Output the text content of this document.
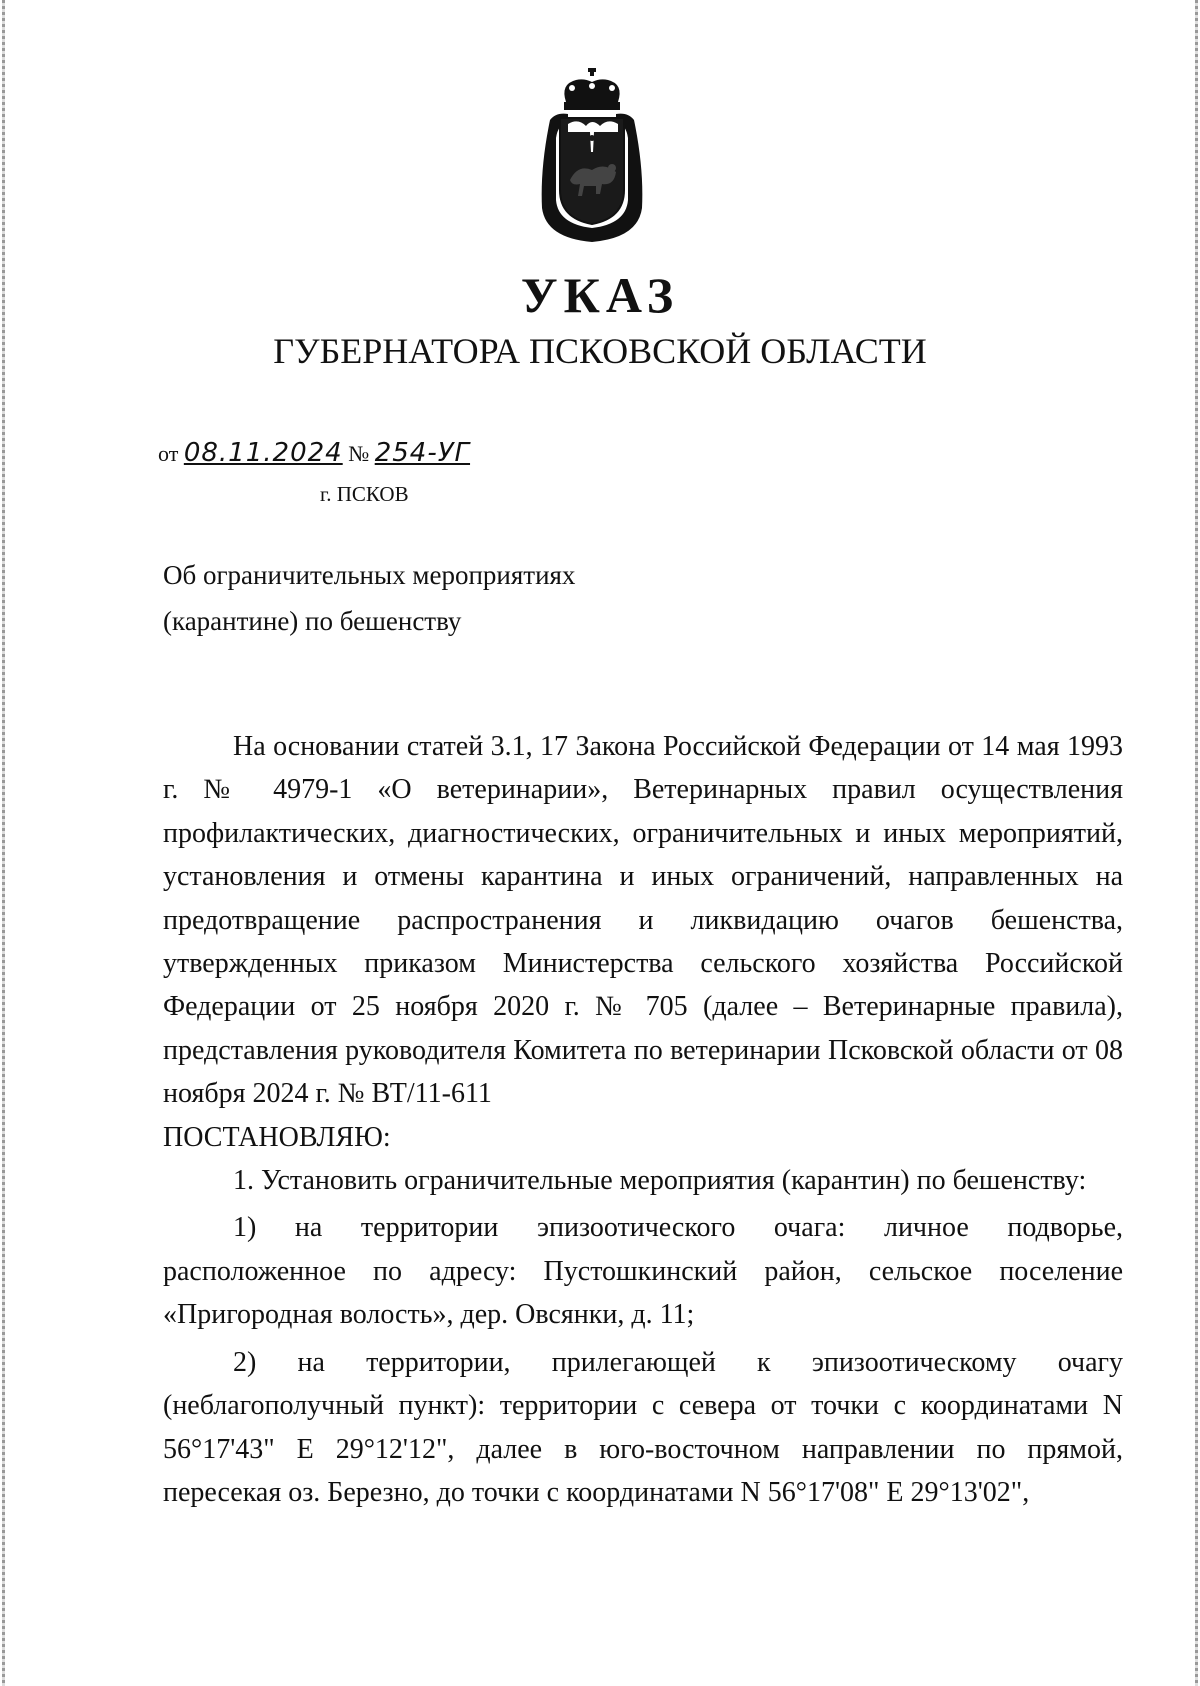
УКАЗ
ГУБЕРНАТОРА ПСКОВСКОЙ ОБЛАСТИ
от 08.11.2024 № 254-УГ
г. ПСКОВ
Об ограничительных мероприятиях
(карантине) по бешенству

На основании статей 3.1, 17 Закона Российской Федерации от 14 мая 1993 г. № 4979-1 «О ветеринарии», Ветеринарных правил осуществления профилактических, диагностических, ограничительных и иных мероприятий, установления и отмены карантина и иных ограничений, направленных на предотвращение распространения и ликвидацию очагов бешенства, утвержденных приказом Министерства сельского хозяйства Российской Федерации от 25 ноября 2020 г. № 705 (далее – Ветеринарные правила), представления руководителя Комитета по ветеринарии Псковской области от 08 ноября 2024 г. № ВТ/11-611

ПОСТАНОВЛЯЮ:

1. Установить ограничительные мероприятия (карантин) по бешенству:

1) на территории эпизоотического очага: личное подворье, расположенное по адресу: Пустошкинский район, сельское поселение «Пригородная волость», дер. Овсянки, д. 11;

2) на территории, прилегающей к эпизоотическому очагу (неблагополучный пункт): территории с севера от точки с координатами N 56°17'43" E 29°12'12", далее в юго-восточном направлении по прямой, пересекая оз. Березно, до точки с координатами N 56°17'08" E 29°13'02",
